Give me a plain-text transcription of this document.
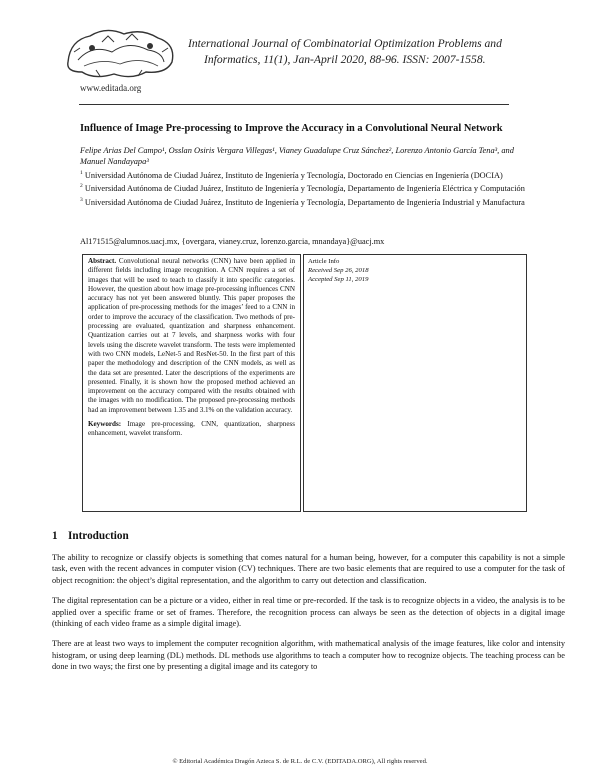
www.editada.org
International Journal of Combinatorial Optimization Problems and
Informatics, 11(1), Jan-April 2020, 88-96. ISSN: 2007-1558.
Influence of Image Pre-processing to Improve the Accuracy in a Convolutional Neural Network
Felipe Arias Del Campo¹, Osslan Osiris Vergara Villegas¹, Vianey Guadalupe Cruz Sánchez², Lorenzo Antonio García Tena³, and Manuel Nandayapa³
$^1$ Universidad Autónoma de Ciudad Juárez, Instituto de Ingeniería y Tecnología, Doctorado en Ciencias en Ingeniería (DOCIA)
$^2$ Universidad Autónoma de Ciudad Juárez, Instituto de Ingeniería y Tecnología, Departamento de Ingeniería Eléctrica y Computación
$^3$ Universidad Autónoma de Ciudad Juárez, Instituto de Ingeniería y Tecnología, Departamento de Ingeniería Industrial y Manufactura
Al171515@alumnos.uacj.mx, {overgara, vianey.cruz, lorenzo.garcia, mnandaya}@uacj.mx

Abstract. Convolutional neural networks (CNN) have been applied in different fields including image recognition. A CNN requires a set of images that will be used to teach to classify it into specific categories. However, the question about how image pre-processing influences CNN accuracy has not yet been answered bluntly. This paper proposes the application of pre-processing methods for the images’ feed to a CNN in order to improve the accuracy of the classification. Two methods of pre-processing are evaluated, quantization and sharpness enhancement. Quantization carries out at 7 levels, and sharpness works with four levels using the discrete wavelet transform. The tests were implemented with two CNN models, LeNet-5 and ResNet-50. In the first part of this paper the methodology and description of the CNN models, as well as the data set are presented. Later the descriptions of the experiments are presented. Finally, it is shown how the proposed method achieved an improvement on the accuracy compared with the results obtained with the images with no modification. The proposed pre-processing methods had an improvement between 1.35 and 3.1% on the validation accuracy.

Keywords: Image pre-processing, CNN, quantization, sharpness enhancement, wavelet transform.

Article Info
Received Sep 26, 2018
Accepted Sep 11, 2019
1 Introduction

The ability to recognize or classify objects is something that comes natural for a human being, however, for a computer this capability is not a simple task, even with the recent advances in computer vision (CV) techniques. There are two basic elements that are required to use a computer for the task of object recognition: the object’s digital representation, and the algorithm to carry out detection and classification.

The digital representation can be a picture or a video, either in real time or pre-recorded. If the task is to recognize objects in a video, the analysis is to be applied over a specific frame or set of frames. Therefore, the recognition process can always be seen as the detection of objects in a digital image (thinking of each video frame as a simple digital image).

There are at least two ways to implement the computer recognition algorithm, with mathematical analysis of the image features, like color and intensity histogram, or using deep learning (DL) methods. DL methods use algorithms to teach a computer how to recognize objects. The teaching process can be done in two ways; the first one by presenting a digital image and its category to

© Editorial Académica Dragón Azteca S. de R.L. de C.V. (EDITADA.ORG), All rights reserved.
